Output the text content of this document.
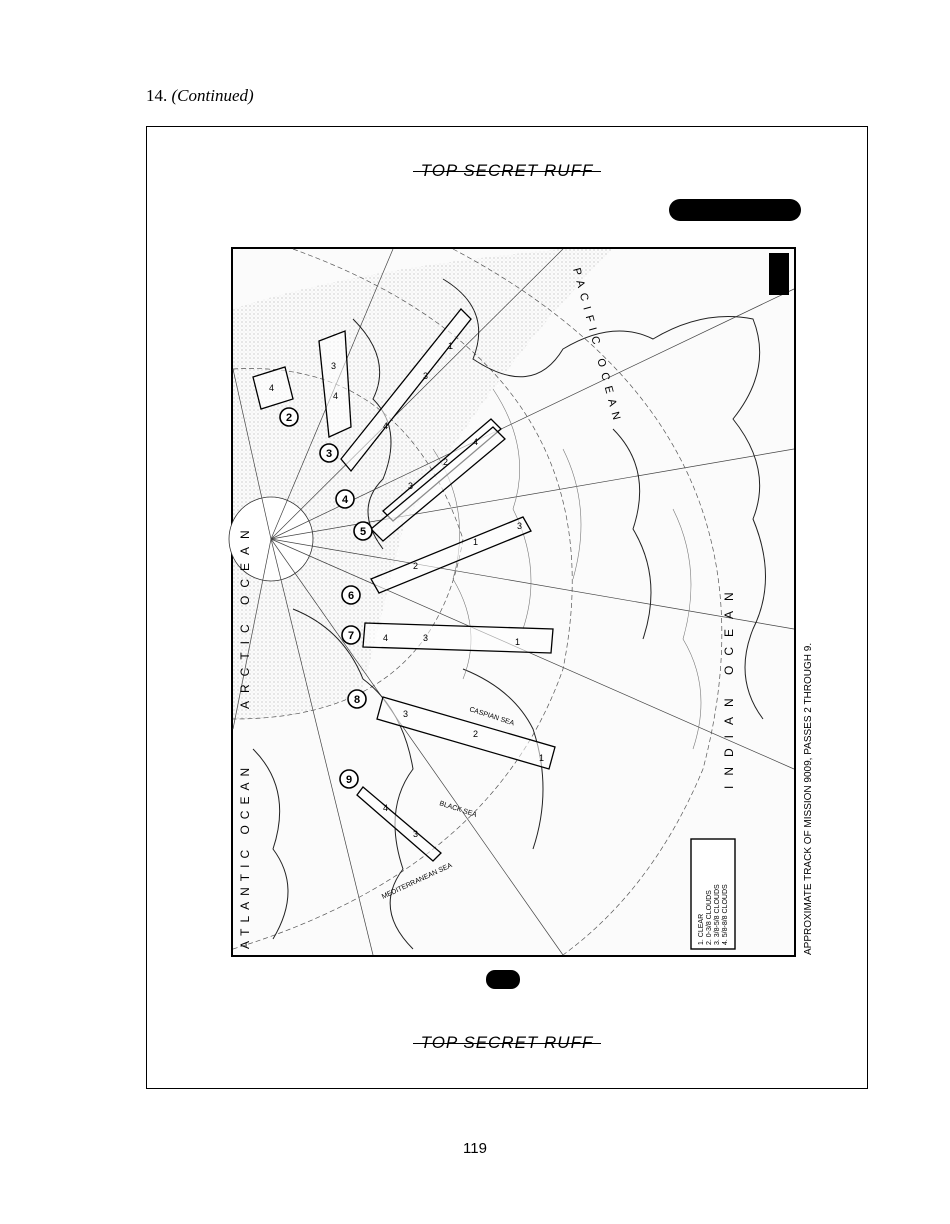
14. (Continued)
TOP SECRET RUFF
4
3
4
4
3
1
3
2
4
2
1
3
4	3	1
3
2
1
4
3
2
3
4
5
6
7
8
9
ARCTIC OCEAN
ATLANTIC OCEAN
INDIAN OCEAN
PACIFIC OCEAN
CASPIAN SEA
BLACK SEA
MEDITERRANEAN SEA	APPROXIMATE TRACK OF MISSION 9009, PASSES 2 THROUGH 9.
1. CLEAR 2. 0-3/8 CLOUDS 3. 3/8-5/8 CLOUDS 4. 5/8-8/8 CLOUDS
TOP SECRET RUFF
119
